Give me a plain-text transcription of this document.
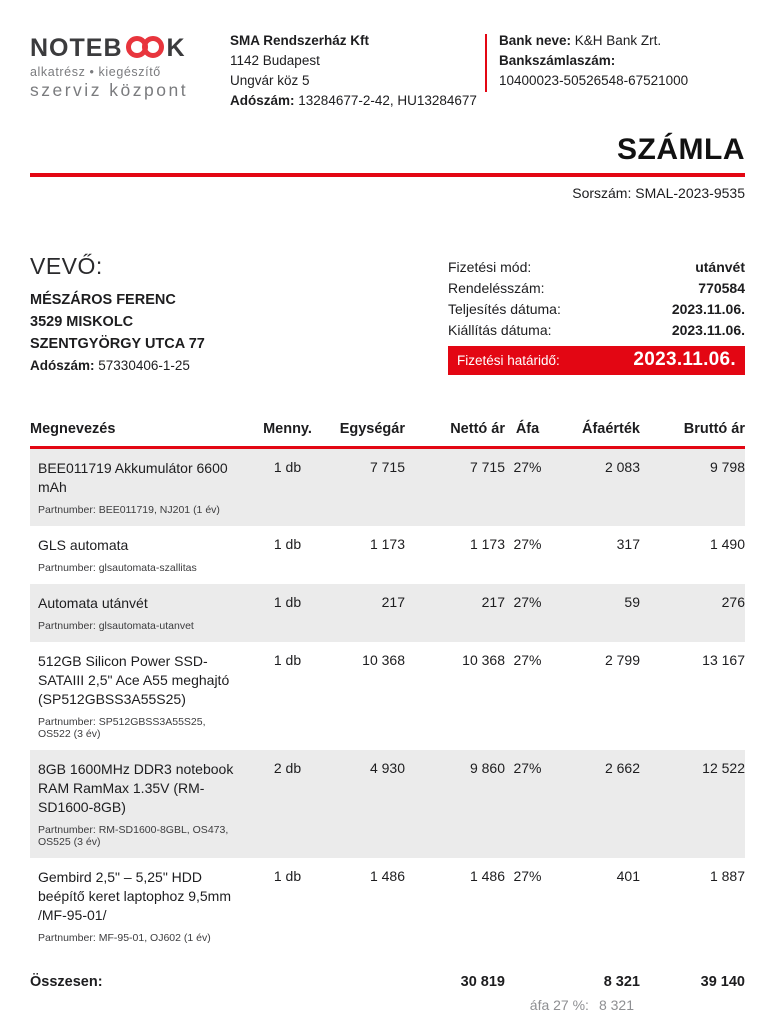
NOTEB K
alkatrész • kiegészítő
szerviz központ
SMA Rendszerház Kft
1142 Budapest
Ungvár köz 5
Adószám: 13284677-2-42, HU13284677
Bank neve: K&H Bank Zrt.
Bankszámlaszám:
10400023-50526548-67521000
SZÁMLA
Sorszám: SMAL-2023-9535
VEVŐ:
MÉSZÁROS FERENC
3529 MISKOLC
SZENTGYÖRGY UTCA 77
Adószám: 57330406-1-25
Fizetési mód:	utánvét
Rendelésszám:	770584
Teljesítés dátuma:	2023.11.06.
Kiállítás dátuma:	2023.11.06.
Fizetési határidő:	2023.11.06.
Megnevezés	Menny.	Egységár	Nettó ár	Áfa	Áfaérték	Bruttó ár

BEE011719 Akkumulátor 6600 mAh
Partnumber: BEE011719, NJ201 (1 év)	1 db	7 715	7 715	27%	2 083	9 798

GLS automata
Partnumber: glsautomata-szallitas	1 db	1 173	1 173	27%	317	1 490

Automata utánvét
Partnumber: glsautomata-utanvet	1 db	217	217	27%	59	276

512GB Silicon Power SSD-SATAIII 2,5" Ace A55 meghajtó (SP512GBSS3A55S25)
Partnumber: SP512GBSS3A55S25, OS522 (3 év)	1 db	10 368	10 368	27%	2 799	13 167

8GB 1600MHz DDR3 notebook RAM RamMax 1.35V (RM-SD1600-8GB)
Partnumber: RM-SD1600-8GBL, OS473, OS525 (3 év)	2 db	4 930	9 860	27%	2 662	12 522

Gembird 2,5" – 5,25" HDD beépítő keret laptophoz 9,5mm /MF-95-01/
Partnumber: MF-95-01, OJ602 (1 év)	1 db	1 486	1 486	27%	401	1 887
Összesen:			30 819		8 321	39 140
áfa 27 %: 8 321						
